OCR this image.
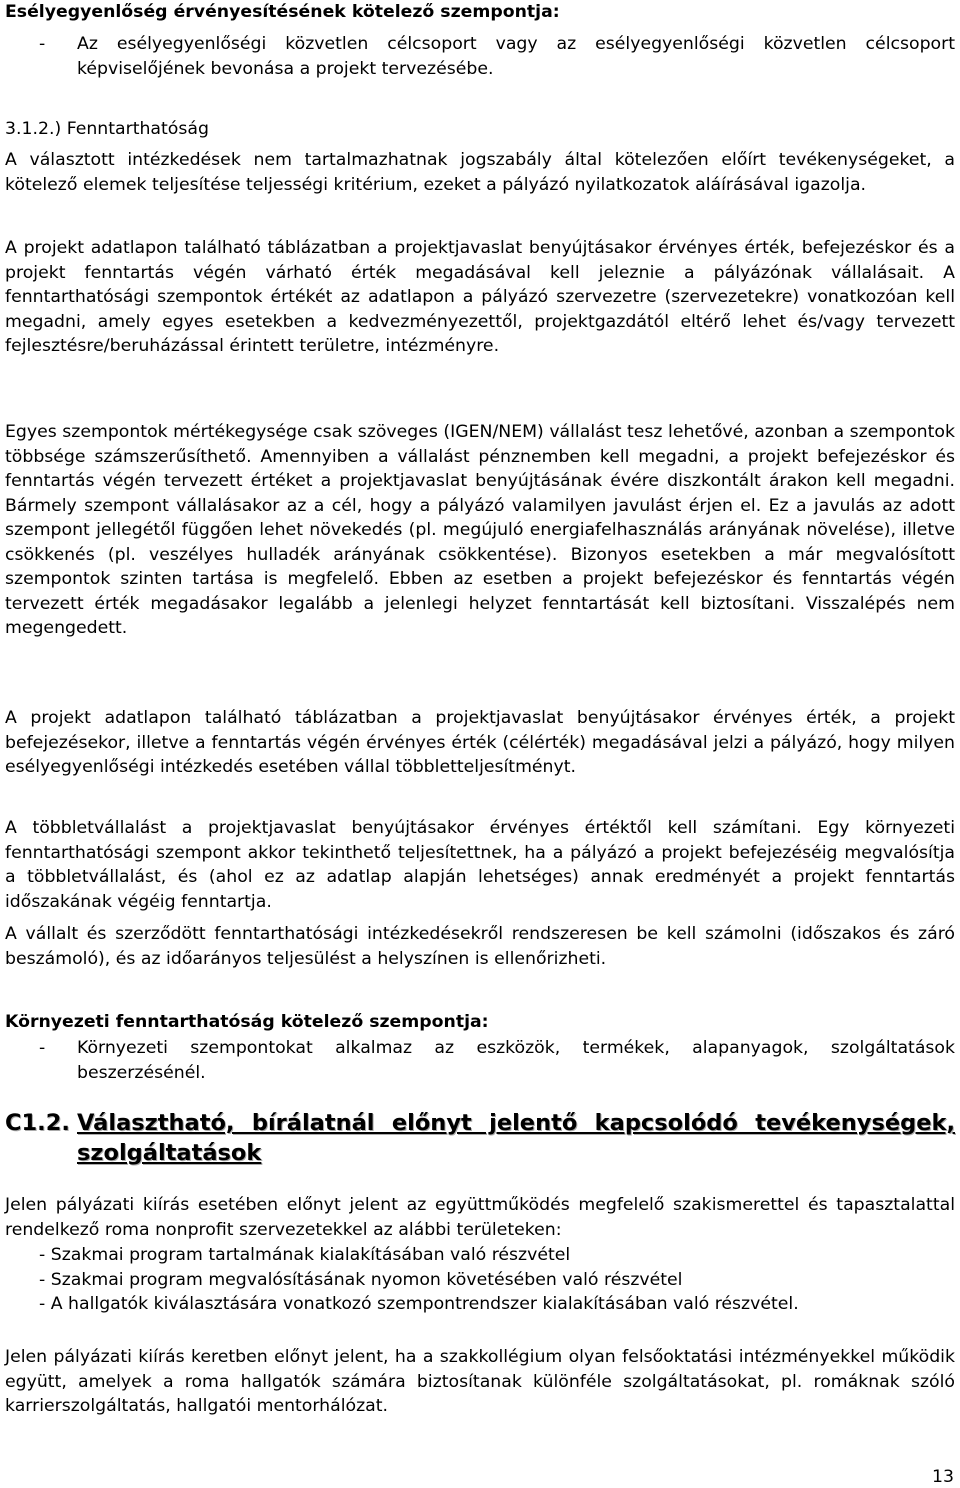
Esélyegyenlőség érvényesítésének kötelező szempontja:

-	Az esélyegyenlőségi közvetlen célcsoport vagy az esélyegyenlőségi közvetlen célcsoport képviselőjének bevonása a projekt tervezésébe.

3.1.2.) Fenntarthatóság

A választott intézkedések nem tartalmazhatnak jogszabály által kötelezően előírt tevékenységeket, a kötelező elemek teljesítése teljességi kritérium, ezeket a pályázó nyilatkozatok aláírásával igazolja.

A projekt adatlapon található táblázatban a projektjavaslat benyújtásakor érvényes érték, befejezéskor és a projekt fenntartás végén várható érték megadásával kell jeleznie a pályázónak vállalásait. A fenntarthatósági szempontok értékét az adatlapon a pályázó szervezetre (szervezetekre) vonatkozóan kell megadni, amely egyes esetekben a kedvezményezettől, projektgazdától eltérő lehet és/vagy tervezett fejlesztésre/beruházással érintett területre, intézményre.

Egyes szempontok mértékegysége csak szöveges (IGEN/NEM) vállalást tesz lehetővé, azonban a szempontok többsége számszerűsíthető. Amennyiben a vállalást pénznemben kell megadni, a projekt befejezéskor és fenntartás végén tervezett értéket a projektjavaslat benyújtásának évére diszkontált árakon kell megadni. Bármely szempont vállalásakor az a cél, hogy a pályázó valamilyen javulást érjen el. Ez a javulás az adott szempont jellegétől függően lehet növekedés (pl. megújuló energiafelhasználás arányának növelése), illetve csökkenés (pl. veszélyes hulladék arányának csökkentése). Bizonyos esetekben a már megvalósított szempontok szinten tartása is megfelelő. Ebben az esetben a projekt befejezéskor és fenntartás végén tervezett érték megadásakor legalább a jelenlegi helyzet fenntartását kell biztosítani. Visszalépés nem megengedett.

A projekt adatlapon található táblázatban a projektjavaslat benyújtásakor érvényes érték, a projekt befejezésekor, illetve a fenntartás végén érvényes érték (célérték) megadásával jelzi a pályázó, hogy milyen esélyegyenlőségi intézkedés esetében vállal többletteljesítményt.

A többletvállalást a projektjavaslat benyújtásakor érvényes értéktől kell számítani. Egy környezeti fenntarthatósági szempont akkor tekinthető teljesítettnek, ha a pályázó a projekt befejezéséig megvalósítja a többletvállalást, és (ahol ez az adatlap alapján lehetséges) annak eredményét a projekt fenntartás időszakának végéig fenntartja.

A vállalt és szerződött fenntarthatósági intézkedésekről rendszeresen be kell számolni (időszakos és záró beszámoló), és az időarányos teljesülést a helyszínen is ellenőrizheti.

Környezeti fenntarthatóság kötelező szempontja:

-	Környezeti szempontokat alkalmaz az eszközök, termékek, alapanyagok, szolgáltatások beszerzésénél.
C1.2. Választható, bírálatnál előnyt jelentő kapcsolódó tevékenységek, szolgáltatások

Jelen pályázati kiírás esetében előnyt jelent az együttműködés megfelelő szakismerettel és tapasztalattal rendelkező roma nonprofit szervezetekkel az alábbi területeken:

- Szakmai program tartalmának kialakításában való részvétel

- Szakmai program megvalósításának nyomon követésében való részvétel

- A hallgatók kiválasztására vonatkozó szempontrendszer kialakításában való részvétel.

Jelen pályázati kiírás keretben előnyt jelent, ha a szakkollégium olyan felsőoktatási intézményekkel működik együtt, amelyek a roma hallgatók számára biztosítanak különféle szolgáltatásokat, pl. romáknak szóló karrierszolgáltatás, hallgatói mentorhálózat.

13
